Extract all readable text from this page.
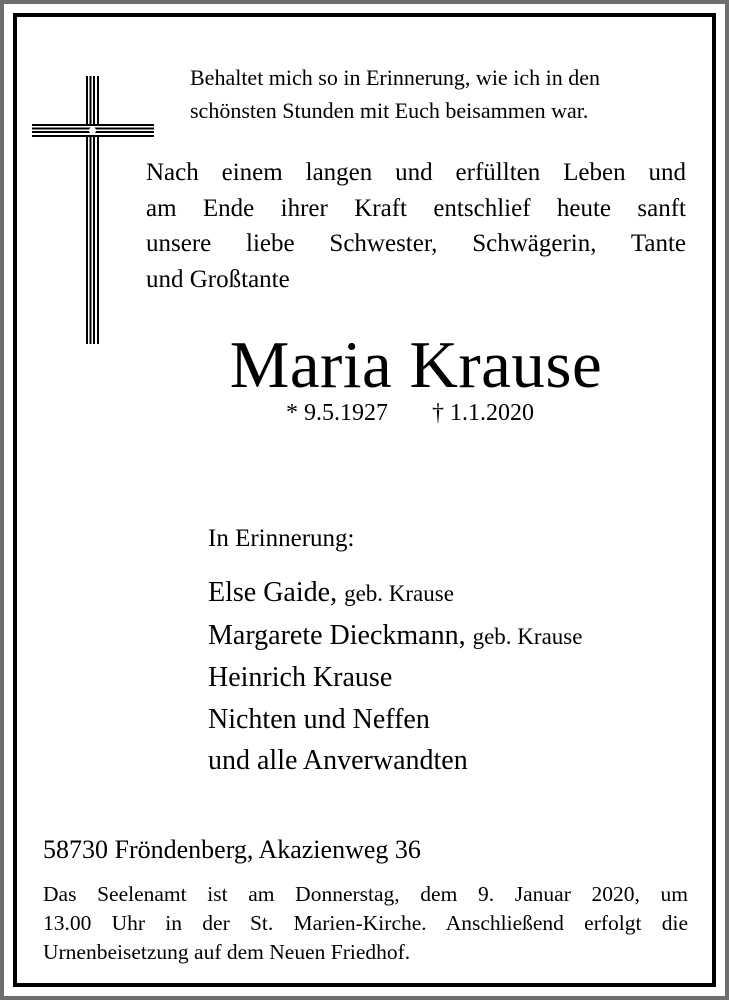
Behaltet mich so in Erinnerung, wie ich in den
schönsten Stunden mit Euch beisammen war.

Nach einem langen und erfüllten Leben und
am Ende ihrer Kraft entschlief heute sanft
unsere liebe Schwester, Schwägerin, Tante
und Großtante

Maria Krause
* 9.5.1927 † 1.1.2020
In Erinnerung:
Else Gaide, geb. Krause
Margarete Dieckmann, geb. Krause
Heinrich Krause
Nichten und Neffen
und alle Anverwandten
58730 Fröndenberg, Akazienweg 36

Das Seelenamt ist am Donnerstag, dem 9. Januar 2020, um
13.00 Uhr in der St. Marien-Kirche. Anschließend erfolgt die
Urnenbeisetzung auf dem Neuen Friedhof.
